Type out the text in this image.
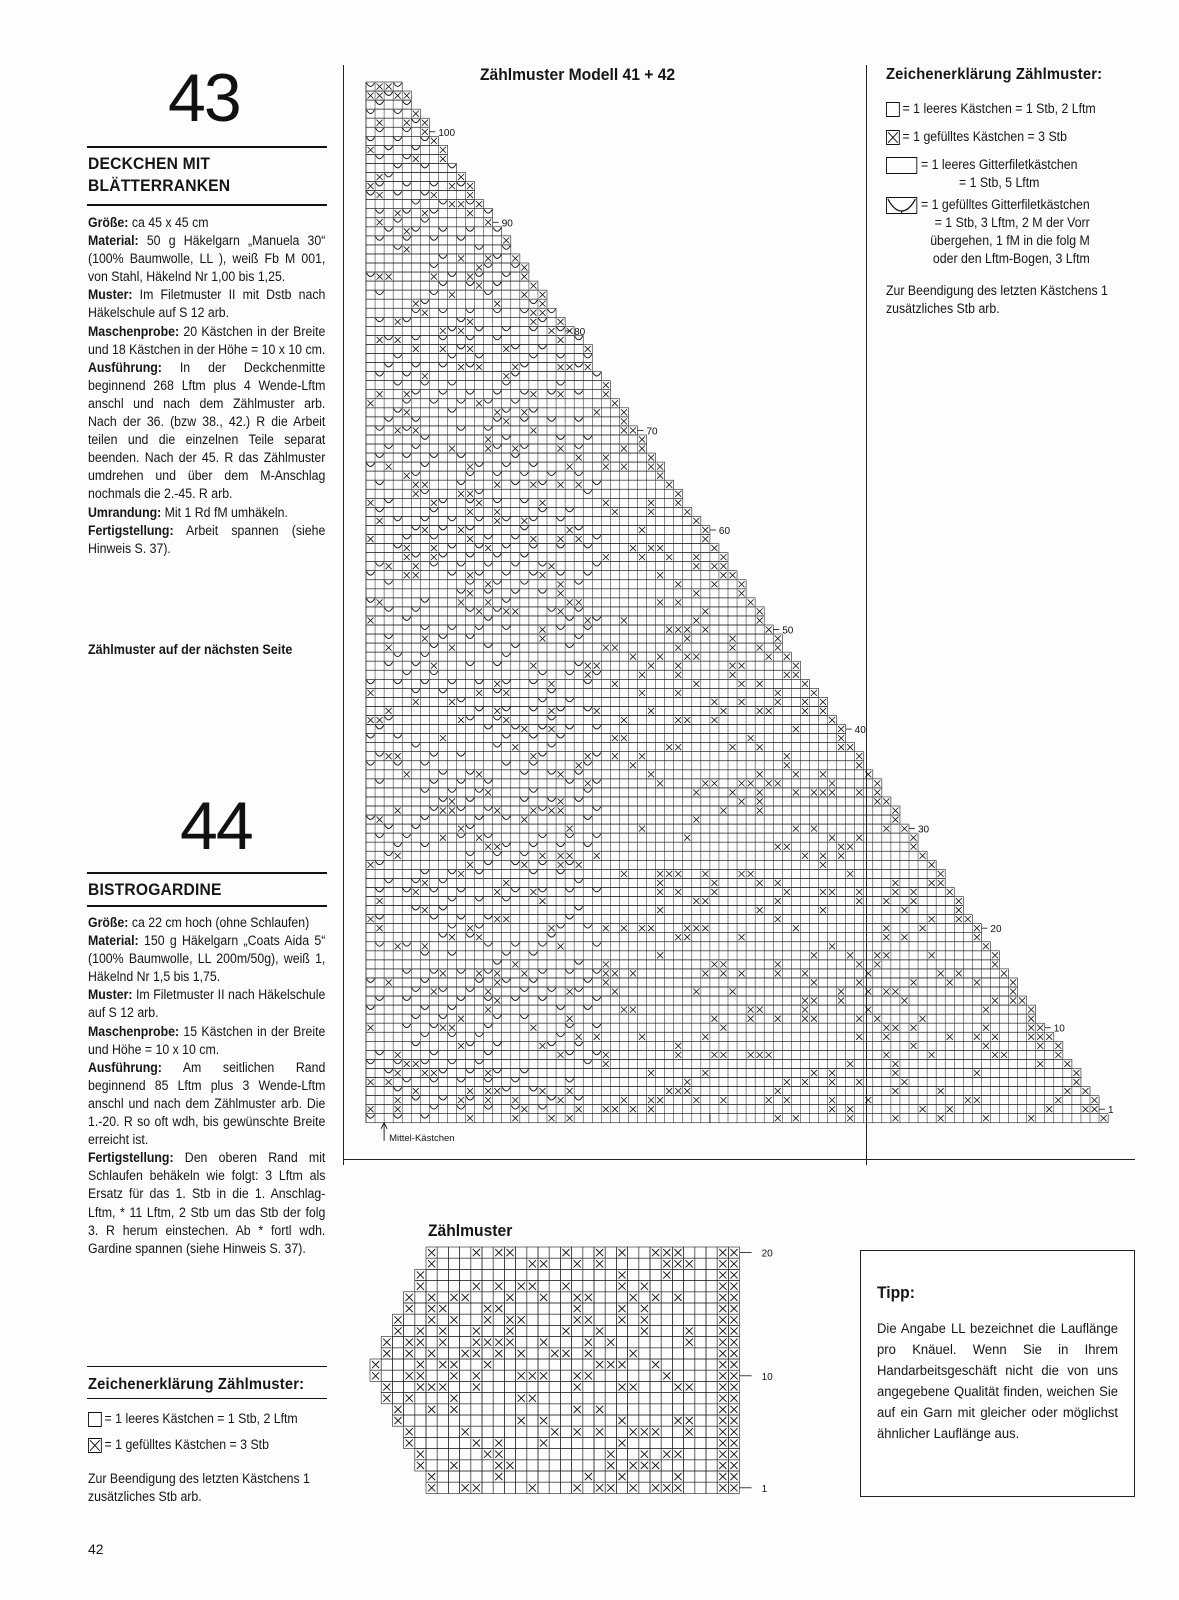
43
DECKCHEN MIT
BLÄTTERRANKEN

Größe: ca 45 x 45 cm

Material: 50 g Häkelgarn „Manuela 30“ (100% Baumwolle, LL ), weiß Fb M 001, von Stahl, Häkelnd Nr 1,00 bis 1,25.

Muster: Im Filetmuster II mit Dstb nach Häkelschule auf S 12 arb.

Maschenprobe: 20 Kästchen in der Breite und 18 Kästchen in der Höhe = 10 x 10 cm.

Ausführung: In der Deckchenmitte beginnend 268 Lftm plus 4 Wende-Lftm anschl und nach dem Zählmuster arb. Nach der 36. (bzw 38., 42.) R die Arbeit teilen und die einzelnen Teile separat beenden. Nach der 45. R das Zählmuster umdrehen und über dem M-Anschlag nochmals die 2.-45. R arb.

Umrandung: Mit 1 Rd fM umhäkeln.

Fertigstellung: Arbeit spannen (siehe Hinweis S. 37).

Zählmuster auf der nächsten Seite
44
BISTROGARDINE

Größe: ca 22 cm hoch (ohne Schlaufen)

Material: 150 g Häkelgarn „Coats Aida 5“ (100% Baumwolle, LL 200m/50g), weiß 1, Häkelnd Nr 1,5 bis 1,75.

Muster: Im Filetmuster II nach Häkelschule auf S 12 arb.

Maschenprobe: 15 Kästchen in der Breite und Höhe = 10 x 10 cm.

Ausführung: Am seitlichen Rand beginnend 85 Lftm plus 3 Wende-Lftm anschl und nach dem Zählmuster arb. Die 1.-20. R so oft wdh, bis gewünschte Breite erreicht ist.

Fertigstellung: Den oberen Rand mit Schlaufen behäkeln wie folgt: 3 Lftm als Ersatz für das 1. Stb in die 1. Anschlag-Lftm, * 11 Lftm, 2 Stb um das Stb der folg 3. R herum einstechen. Ab * fortl wdh. Gardine spannen (siehe Hinweis S. 37).

Zeichenerklärung Zählmuster:
= 1 leeres Kästchen = 1 Stb, 2 Lftm
= 1 gefülltes Kästchen = 3 Stb
Zur Beendigung des letzten Kästchens 1 zusätzliches Stb arb.
42
Zählmuster Modell 41 + 42
100
90
80
70
60
50
40
30
20
10
1
Mittel-Kästchen
Zeichenerklärung Zählmuster:
= 1 leeres Kästchen = 1 Stb, 2 Lftm
= 1 gefülltes Kästchen = 3 Stb
= 1 leeres Gitterfiletkästchen
= 1 Stb, 5 Lftm
= 1 gefülltes Gitterfiletkästchen
= 1 Stb, 3 Lftm, 2 M der Vorr
übergehen, 1 fM in die folg M
oder den Lftm-Bogen, 3 Lftm
Zur Beendigung des letzten Kästchens 1 zusätzliches Stb arb.
Zählmuster
20
10
1
Tipp:
Die Angabe LL bezeichnet die Lauflänge pro Knäuel. Wenn Sie in Ihrem Handarbeitsgeschäft nicht die von uns angegebene Qualität finden, weichen Sie auf ein Garn mit gleicher oder möglichst ähnlicher Lauflänge aus.
